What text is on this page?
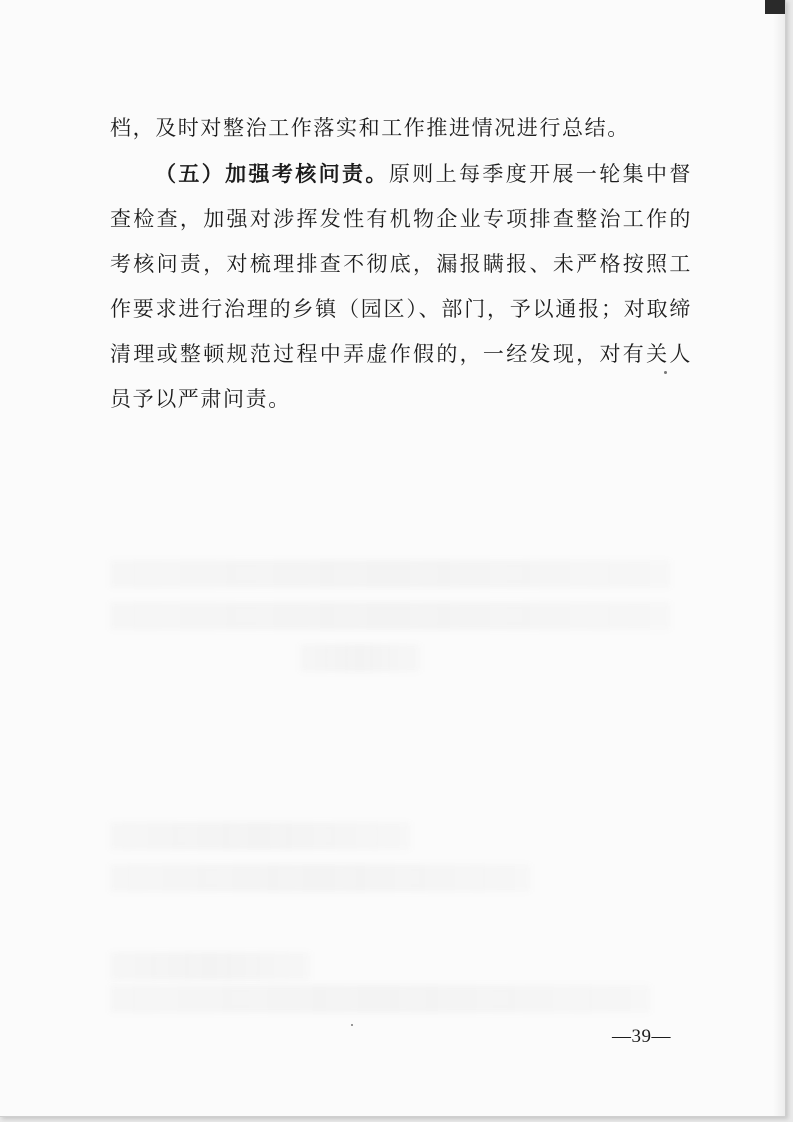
档，及时对整治工作落实和工作推进情况进行总结。

（五）加强考核问责。原则上每季度开展一轮集中督查检查，加强对涉挥发性有机物企业专项排查整治工作的考核问责，对梳理排查不彻底，漏报瞒报、未严格按照工作要求进行治理的乡镇（园区）、部门，予以通报；对取缔清理或整顿规范过程中弄虚作假的，一经发现，对有关人员予以严肃问责。

—39—
